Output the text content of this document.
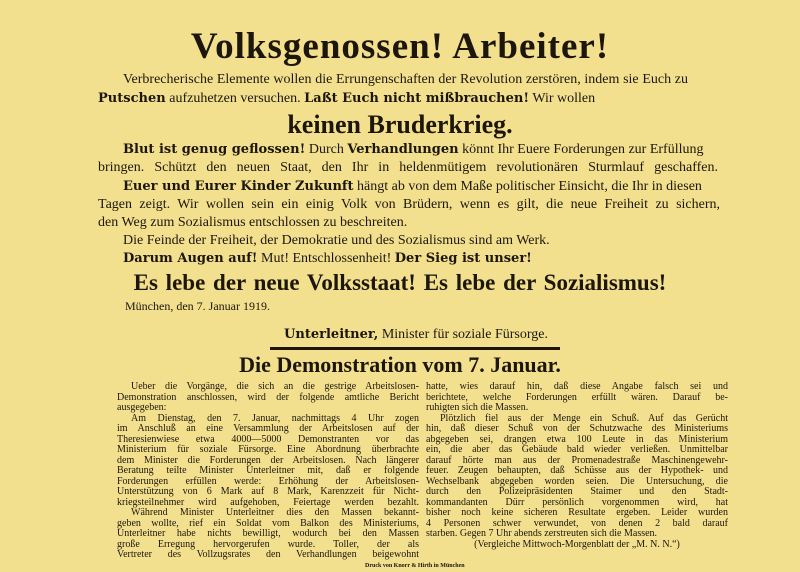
Volksgenossen! Arbeiter!
Verbrecherische Elemente wollen die Errungenschaften der Revolution zerstören, indem sie Euch zu
Putschen aufzuhetzen versuchen. Laßt Euch nicht mißbrauchen! Wir wollen
keinen Bruderkrieg.
Blut ist genug geflossen! Durch Verhandlungen könnt Ihr Euere Forderungen zur Erfüllung
bringen. Schützt den neuen Staat, den Ihr in heldenmütigem revolutionären Sturmlauf geschaffen.
Euer und Eurer Kinder Zukunft hängt ab von dem Maße politischer Einsicht, die Ihr in diesen
Tagen zeigt. Wir wollen sein ein einig Volk von Brüdern, wenn es gilt, die neue Freiheit zu sichern,
den Weg zum Sozialismus entschlossen zu beschreiten.
Die Feinde der Freiheit, der Demokratie und des Sozialismus sind am Werk.
Darum Augen auf! Mut! Entschlossenheit! Der Sieg ist unser!
Es lebe der neue Volksstaat! Es lebe der Sozialismus!
München, den 7. Januar 1919.
Unterleitner, Minister für soziale Fürsorge.
Die Demonstration vom 7. Januar.
Ueber die Vorgänge, die sich an die gestrige Arbeitslosen-
Demonstration anschlossen, wird der folgende amtliche Bericht
ausgegeben:
Am Dienstag, den 7. Januar, nachmittags 4 Uhr zogen
im Anschluß an eine Versammlung der Arbeitslosen auf der
Theresienwiese etwa 4000—5000 Demonstranten vor das
Ministerium für soziale Fürsorge. Eine Abordnung überbrachte
dem Minister die Forderungen der Arbeitslosen. Nach längerer
Beratung teilte Minister Unterleitner mit, daß er folgende
Forderungen erfüllen werde: Erhöhung der Arbeitslosen-
Unterstützung von 6 Mark auf 8 Mark, Karenzzeit für Nicht-
kriegsteilnehmer wird aufgehoben, Feiertage werden bezahlt.
Während Minister Unterleitner dies den Massen bekannt-
geben wollte, rief ein Soldat vom Balkon des Ministeriums,
Unterleitner habe nichts bewilligt, wodurch bei den Massen
große Erregung hervorgerufen wurde. Toller, der als
Vertreter des Vollzugsrates den Verhandlungen beigewohnt
hatte, wies darauf hin, daß diese Angabe falsch sei und
berichtete, welche Forderungen erfüllt wären. Darauf be-
ruhigten sich die Massen.
Plötzlich fiel aus der Menge ein Schuß. Auf das Gerücht
hin, daß dieser Schuß von der Schutzwache des Ministeriums
abgegeben sei, drangen etwa 100 Leute in das Ministerium
ein, die aber das Gebäude bald wieder verließen. Unmittelbar
darauf hörte man aus der Promenadestraße Maschinengewehr-
feuer. Zeugen behaupten, daß Schüsse aus der Hypothek- und
Wechselbank abgegeben worden seien. Die Untersuchung, die
durch den Polizeipräsidenten Staimer und den Stadt-
kommandanten Dürr persönlich vorgenommen wird, hat
bisher noch keine sicheren Resultate ergeben. Leider wurden
4 Personen schwer verwundet, von denen 2 bald darauf
starben. Gegen 7 Uhr abends zerstreuten sich die Massen.
(Vergleiche Mittwoch-Morgenblatt der „M. N. N.“)
Druck von Knorr & Hirth in München
